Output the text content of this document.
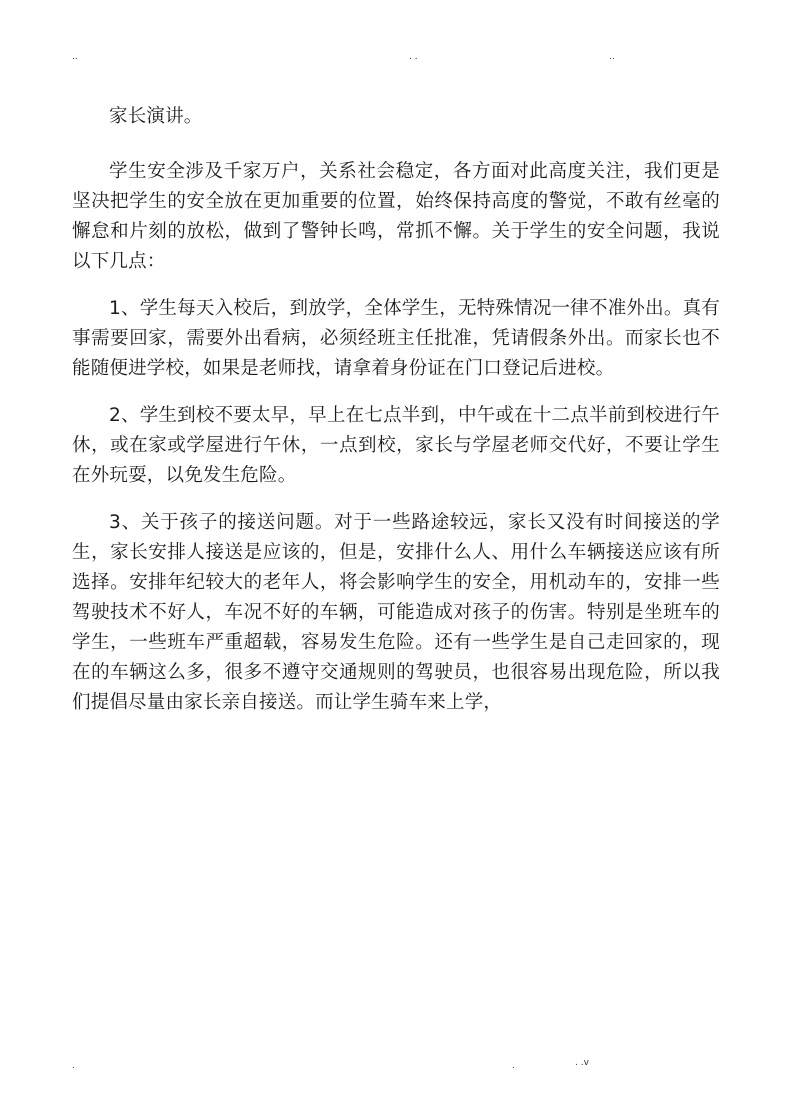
..	. .	..

家长演讲。

学生安全涉及千家万户，关系社会稳定，各方面对此高度关注，我们更是坚决把学生的安全放在更加重要的位置，始终保持高度的警觉，不敢有丝毫的懈怠和片刻的放松，做到了警钟长鸣，常抓不懈。关于学生的安全问题，我说以下几点：

1、学生每天入校后，到放学，全体学生，无特殊情况一律不准外出。真有事需要回家，需要外出看病，必须经班主任批准，凭请假条外出。而家长也不能随便进学校，如果是老师找，请拿着身份证在门口登记后进校。

2、学生到校不要太早，早上在七点半到，中午或在十二点半前到校进行午休，或在家或学屋进行午休，一点到校，家长与学屋老师交代好，不要让学生在外玩耍，以免发生危险。

3、关于孩子的接送问题。对于一些路途较远，家长又没有时间接送的学生，家长安排人接送是应该的，但是，安排什么人、用什么车辆接送应该有所选择。安排年纪较大的老年人，将会影响学生的安全，用机动车的，安排一些驾驶技术不好人，车况不好的车辆，可能造成对孩子的伤害。特别是坐班车的学生，一些班车严重超载，容易发生危险。还有一些学生是自己走回家的，现在的车辆这么多，很多不遵守交通规则的驾驶员，也很容易出现危险，所以我们提倡尽量由家长亲自接送。而让学生骑车来上学，

.	.	. .v
